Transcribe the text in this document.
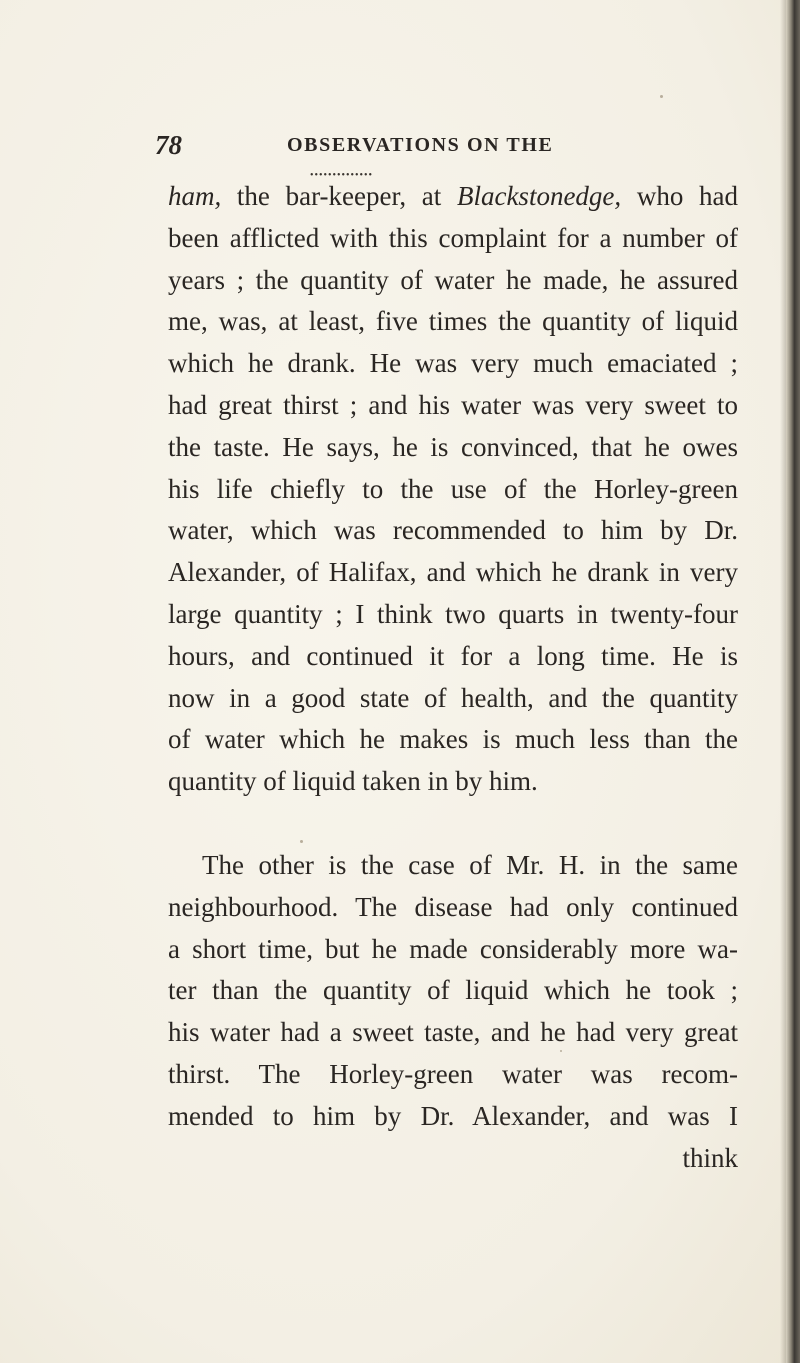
78	OBSERVATIONS ON THE
••••••••••••••
ham, the bar-keeper, at Blackstonedge, who had
been afflicted with this complaint for a number of
years ; the quantity of water he made, he assured
me, was, at least, five times the quantity of liquid
which he drank. He was very much emaciated ;
had great thirst ; and his water was very sweet to
the taste. He says, he is convinced, that he owes
his life chiefly to the use of the Horley-green
water, which was recommended to him by Dr.
Alexander, of Halifax, and which he drank in very
large quantity ; I think two quarts in twenty-four
hours, and continued it for a long time. He is
now in a good state of health, and the quantity
of water which he makes is much less than the
quantity of liquid taken in by him.
The other is the case of Mr. H. in the same
neighbourhood. The disease had only continued
a short time, but he made considerably more wa-
ter than the quantity of liquid which he took ;
his water had a sweet taste, and he had very great
thirst. The Horley-green water was recom-
mended to him by Dr. Alexander, and was I
think
